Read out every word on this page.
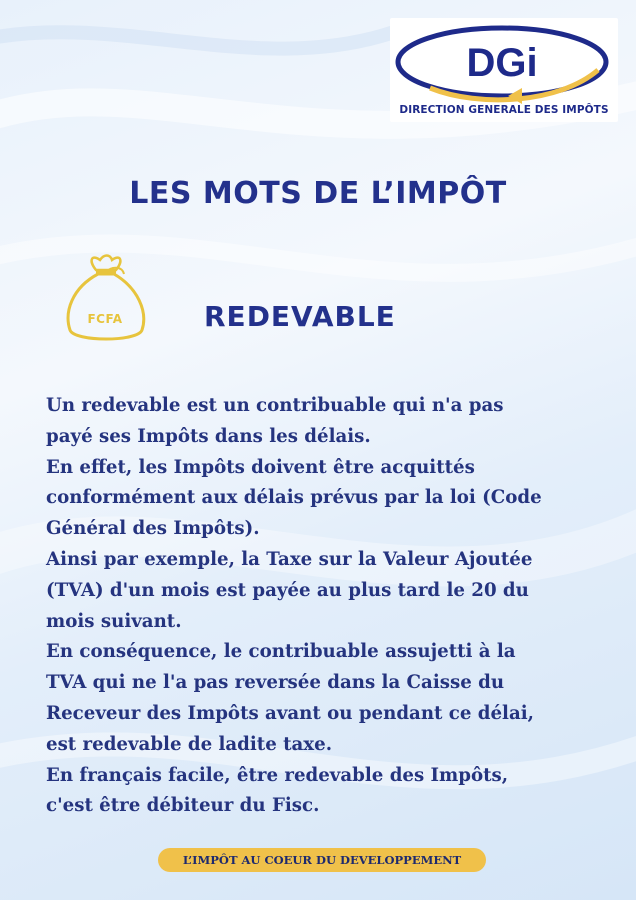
DGi
DIRECTION GENERALE DES IMPÔTS
LES MOTS DE L’IMPÔT
FCFA	REDEVABLE

Un redevable est un contribuable qui n'a pas
payé ses Impôts dans les délais.
En effet, les Impôts doivent être acquittés
conformément aux délais prévus par la loi (Code
Général des Impôts).
Ainsi par exemple, la Taxe sur la Valeur Ajoutée
(TVA) d'un mois est payée au plus tard le 20 du
mois suivant.
En conséquence, le contribuable assujetti à la
TVA qui ne l'a pas reversée dans la Caisse du
Receveur des Impôts avant ou pendant ce délai,
est redevable de ladite taxe.
En français facile, être redevable des Impôts,
c'est être débiteur du Fisc.

L’IMPÔT AU COEUR DU DEVELOPPEMENT
